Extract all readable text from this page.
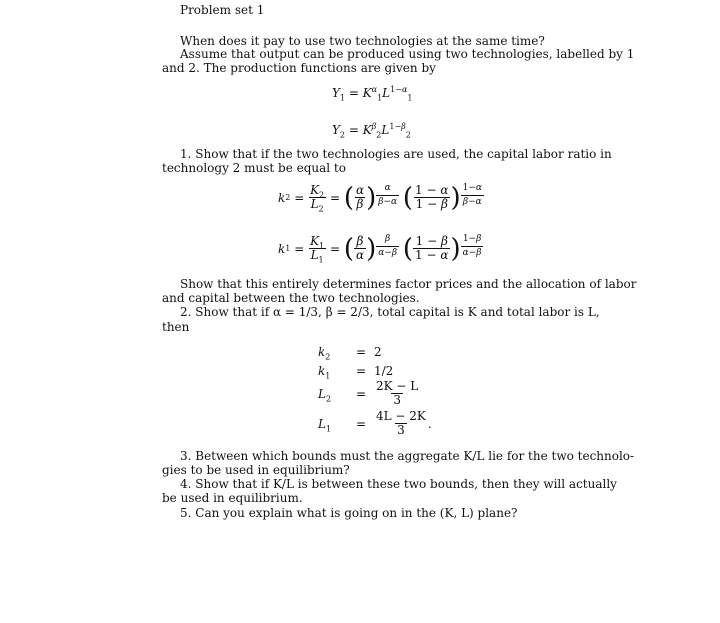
Problem set 1
When does it pay to use two technologies at the same time?
Assume that output can be produced using two technologies, labelled by 1
and 2. The production functions are given by
$Y_1 = K^\alpha_1L^{1-\alpha}_1$
$Y_2 = K^\beta_2L^{1-\beta}_2$
1. Show that if the two technologies are used, the capital labor ratio in
technology 2 must be equal to
k $2 = \frac{K_2}{L_2}$ = ( $\frac{\alpha}{\beta}$ ) $\frac{\alpha}{\beta-\alpha}$
( $\frac{1 - \alpha}{1 - \beta}$ ) $\frac{1-\alpha}{\beta-\alpha}$
k $1 = \frac{K_1}{L_1}$ = ( $\frac{\beta}{\alpha}$ ) $\frac{\beta}{\alpha-\beta}$
( $\frac{1 - \beta}{1 - \alpha}$ ) $\frac{1-\beta}{\alpha-\beta}$
Show that this entirely determines factor prices and the allocation of labor
and capital between the two technologies.
2. Show that if α = 1/3, β = 2/3, total capital is K and total labor is L,
then
$k_2$	= 2
$k_1$	= 1/2
$L_2$	= $\frac{2K - L}{3}$
$L_1$	= $\frac{4L - 2K}{3}$ .
3. Between which bounds must the aggregate K/L lie for the two technolo-
gies to be used in equilibrium?
4. Show that if K/L is between these two bounds, then they will actually
be used in equilibrium.
5. Can you explain what is going on in the (K, L) plane?
